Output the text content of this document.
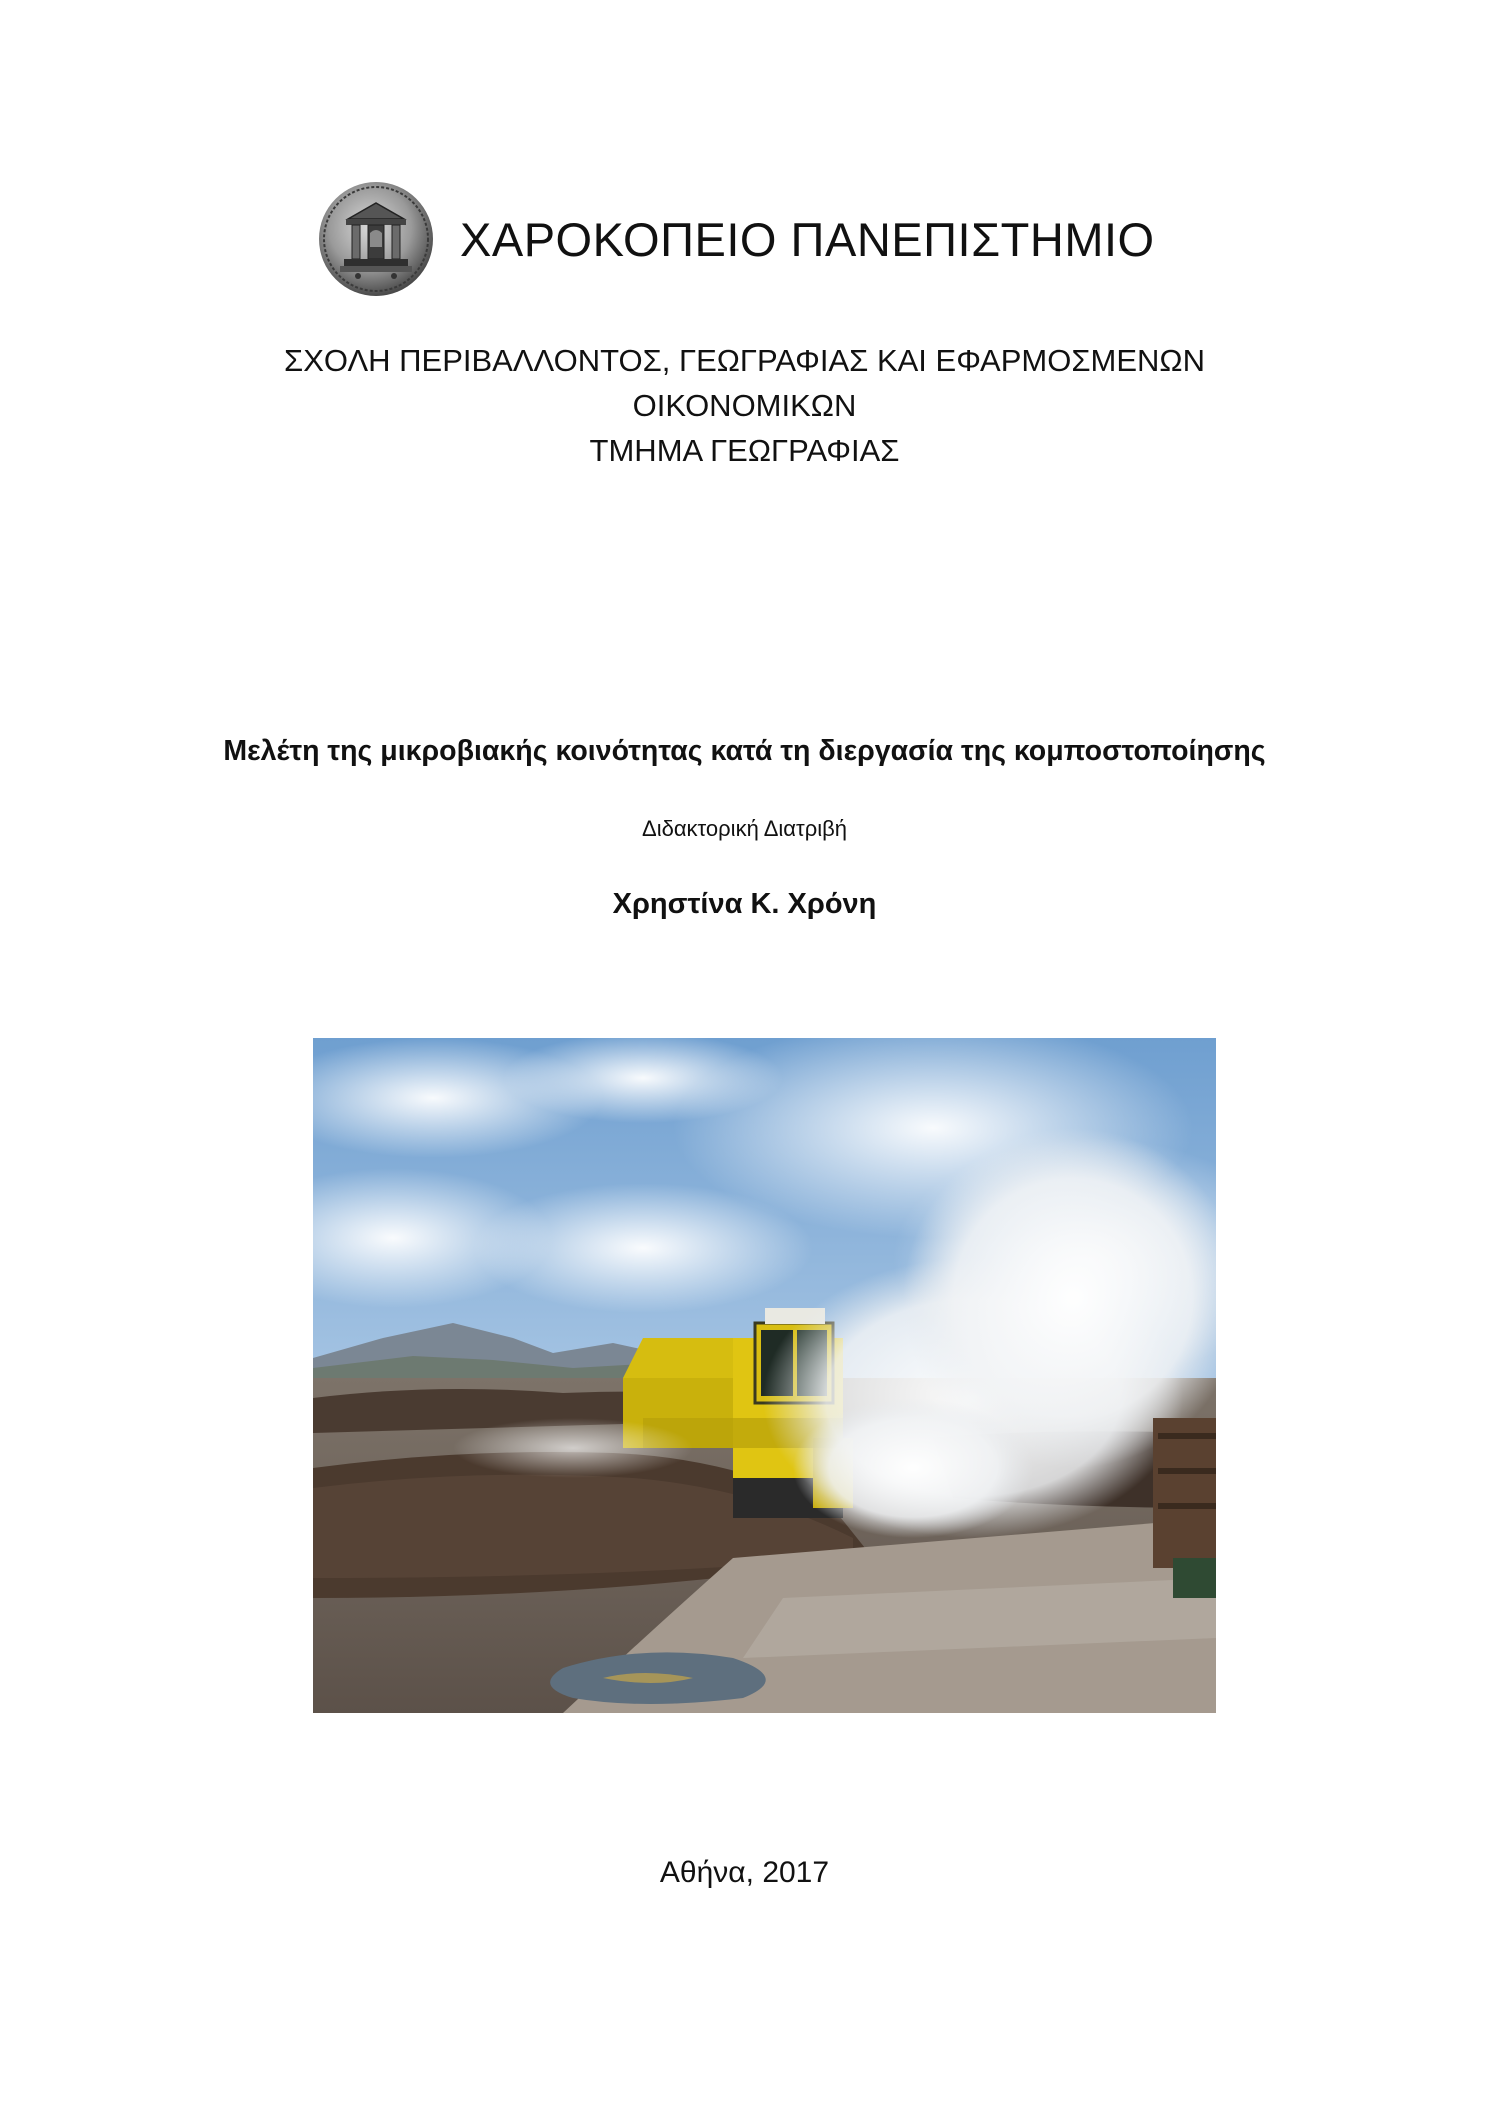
ΧΑΡΟΚΟΠΕΙΟ ΠΑΝΕΠΙΣΤΗΜΙΟ
ΣΧΟΛΗ ΠΕΡΙΒΑΛΛΟΝΤΟΣ, ΓΕΩΓΡΑΦΙΑΣ ΚΑΙ ΕΦΑΡΜΟΣΜΕΝΩΝ
ΟΙΚΟΝΟΜΙΚΩΝ
ΤΜΗΜΑ ΓΕΩΓΡΑΦΙΑΣ
Μελέτη της μικροβιακής κοινότητας κατά τη διεργασία της κομποστοποίησης
Διδακτορική Διατριβή
Χρηστίνα Κ. Χρόνη
Αθήνα, 2017
